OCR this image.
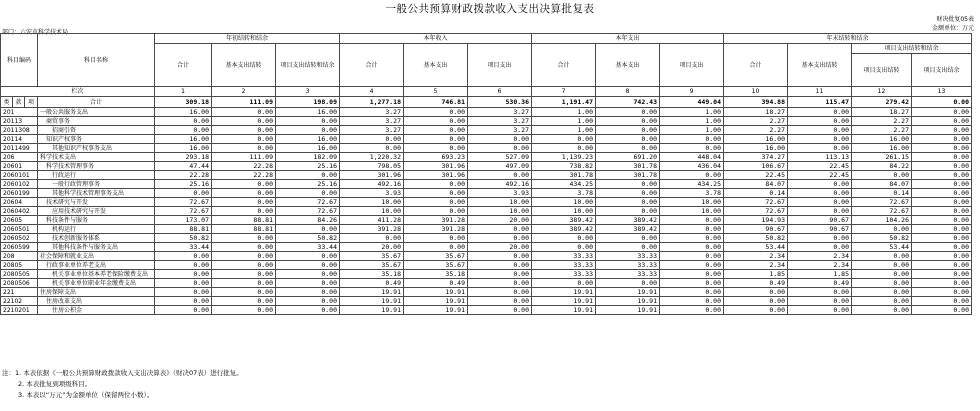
一般公共预算财政拨款收入支出决算批复表
财决批复05表
部门：六安市科学技术局
金额单位：万元
科目编码			科目名称	年初结转和结余			本年收入			本年支出			年末结转和结余			
				合计	基本支出结转	项目支出结转和结余	合计	基本支出	项目支出	合计	基本支出	项目支出	合计	基本支出结转	项目支出结转和结余	
															项目支出结转	项目支出结余
栏次				1	2	3	4	5	6	7	8	9	10	11	12	13
类	款	项	合计	309.18	111.09	198.09	1,277.18	746.81	530.36	1,191.47	742.43	449.04	394.88	115.47	279.42	0.00
201			一般公共服务支出	16.00	0.00	16.00	3.27	0.00	3.27	1.00	0.00	1.00	18.27	0.00	18.27	0.00
20113			商贸事务	0.00	0.00	0.00	3.27	0.00	3.27	1.00	0.00	1.00	2.27	0.00	2.27	0.00
2011308			招商引资	0.00	0.00	0.00	3.27	0.00	3.27	1.00	0.00	1.00	2.27	0.00	2.27	0.00
20114			知识产权事务	16.00	0.00	16.00	0.00	0.00	0.00	0.00	0.00	0.00	16.00	0.00	16.00	0.00
2011499			其他知识产权事务支出	16.00	0.00	16.00	0.00	0.00	0.00	0.00	0.00	0.00	16.00	0.00	16.00	0.00
206			科学技术支出	293.18	111.09	182.09	1,220.32	693.23	527.09	1,139.23	691.20	448.04	374.27	113.13	261.15	0.00
20601			科学技术管理事务	47.44	22.28	25.16	798.05	301.96	497.09	738.82	301.78	436.04	106.67	22.45	84.22	0.00
2060101			行政运行	22.28	22.28	0.00	301.96	301.96	0.00	301.78	301.78	0.00	22.45	22.45	0.00	0.00
2060102			一般行政管理事务	25.16	0.00	25.16	492.16	0.00	492.16	434.25	0.00	434.25	84.07	0.00	84.07	0.00
2060199			其他科学技术管理事务支出	0.00	0.00	0.00	3.93	0.00	3.93	3.78	0.00	3.78	0.14	0.00	0.14	0.00
20604			技术研究与开发	72.67	0.00	72.67	10.00	0.00	10.00	10.00	0.00	10.00	72.67	0.00	72.67	0.00
2060402			应用技术研究与开发	72.67	0.00	72.67	10.00	0.00	10.00	10.00	0.00	10.00	72.67	0.00	72.67	0.00
20605			科技条件与服务	173.07	88.81	84.26	411.28	391.28	20.00	389.42	389.42	0.00	194.93	90.67	104.26	0.00
2060501			机构运行	88.81	88.81	0.00	391.28	391.28	0.00	389.42	389.42	0.00	90.67	90.67	0.00	0.00
2060502			技术创新服务体系	50.82	0.00	50.82	0.00	0.00	0.00	0.00	0.00	0.00	50.82	0.00	50.82	0.00
2060599			其他科技条件与服务支出	33.44	0.00	33.44	20.00	0.00	20.00	0.00	0.00	0.00	53.44	0.00	53.44	0.00
208			社会保障和就业支出	0.00	0.00	0.00	35.67	35.67	0.00	33.33	33.33	0.00	2.34	2.34	0.00	0.00
20805			行政事业单位养老支出	0.00	0.00	0.00	35.67	35.67	0.00	33.33	33.33	0.00	2.34	2.34	0.00	0.00
2080505			机关事业单位基本养老保险缴费支出	0.00	0.00	0.00	35.18	35.18	0.00	33.33	33.33	0.00	1.85	1.85	0.00	0.00
2080506			机关事业单位职业年金缴费支出	0.00	0.00	0.00	0.49	0.49	0.00	0.00	0.00	0.00	0.49	0.49	0.00	0.00
221			住房保障支出	0.00	0.00	0.00	19.91	19.91	0.00	19.91	19.91	0.00	0.00	0.00	0.00	0.00
22102			住房改革支出	0.00	0.00	0.00	19.91	19.91	0.00	19.91	19.91	0.00	0.00	0.00	0.00	0.00
2210201			住房公积金	0.00	0.00	0.00	19.91	19.91	0.00	19.91	19.91	0.00	0.00	0.00	0.00	0.00
注：1. 本表依据《一般公共预算财政拨款收入支出决算表》（财决07表）进行批复。
2. 本表批复到项级科目。
3. 本表以“万元”为金额单位（保留两位小数）。
